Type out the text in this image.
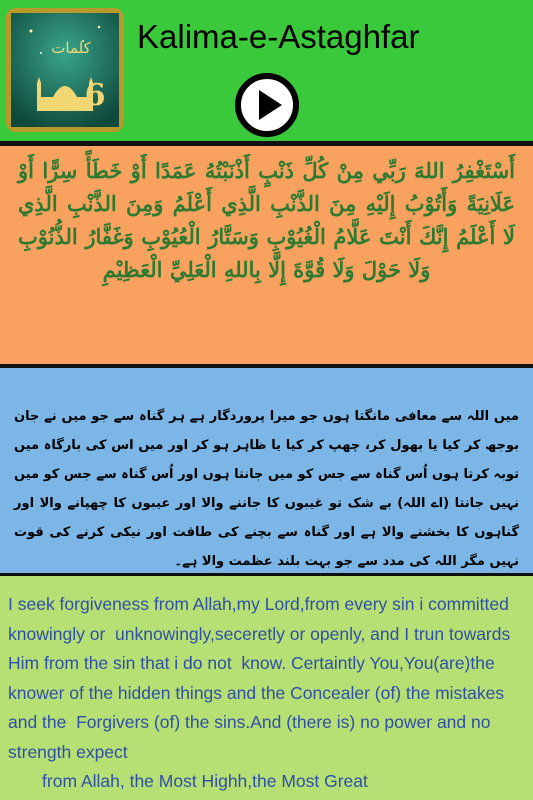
کلمات
6
Kalima-e-Astaghfar
أَسْتَغْفِرُ اللهَ رَبِّي مِنْ كُلِّ ذَنْبٍ أَذْنَبْتُهُ عَمَدًا أَوْ خَطَأً سِرًّا أَوْ عَلَانِيَةً وَأَتُوْبُ إِلَيْهِ مِنَ الذَّنْبِ الَّذِي أَعْلَمُ وَمِنَ الذَّنْبِ الَّذِي لَا أَعْلَمُ إِنَّكَ أَنْتَ عَلَّامُ الْغُيُوْبِ وَسَتَّارُ الْعُيُوْبِ وَغَفَّارُ الذُّنُوْبِ وَلَا حَوْلَ وَلَا قُوَّةَ إِلَّا بِاللهِ الْعَلِيِّ الْعَظِيْمِ
میں اللہ سے معافی مانگتا ہوں جو میرا پروردگار ہے ہر گناہ سے جو میں نے جان بوجھ کر کیا یا بھول کر، چھپ کر کیا یا ظاہر ہو کر اور میں اس کی بارگاہ میں توبہ کرتا ہوں اُس گناہ سے جس کو میں جانتا ہوں اور اُس گناہ سے جس کو میں نہیں جانتا (اے اللہ) بے شک تو غیبوں کا جاننے والا اور عیبوں کا چھپانے والا اور گناہوں کا بخشنے والا ہے اور گناہ سے بچنے کی طاقت اور نیکی کرنے کی قوت نہیں مگر اللہ کی مدد سے جو بہت بلند عظمت والا ہے۔
I seek forgiveness from Allah,my Lord,from every sin i committed knowingly or  unknowingly,seceretly or openly, and I trun towards Him from the sin that i do not  know. Certaintly You,You(are)the knower of the hidden things and the Concealer (of) the mistakes and the  Forgivers (of) the sins.And (there is) no power and no strength expect
from Allah, the Most Highh,the Most Great
